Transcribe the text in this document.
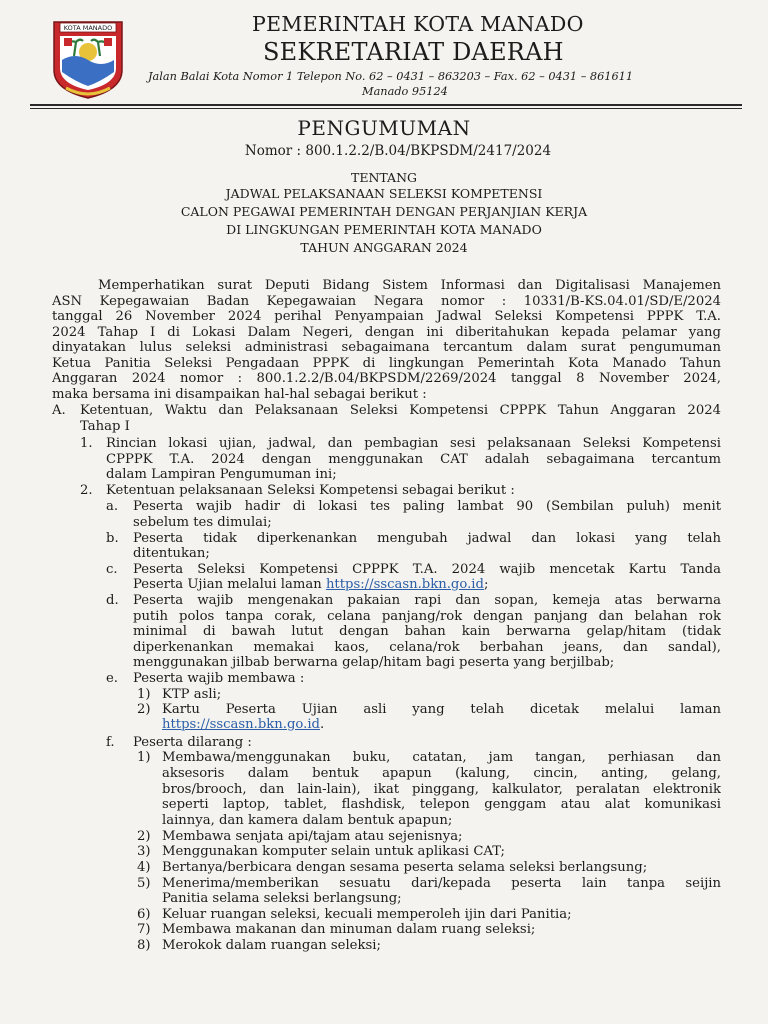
KOTA MANADO	PEMERINTAH KOTA MANADO
SEKRETARIAT DAERAH
Jalan Balai Kota Nomor 1 Telepon No. 62 – 0431 – 863203 – Fax. 62 – 0431 – 861611
Manado 95124
PENGUMUMAN
Nomor : 800.1.2.2/B.04/BKPSDM/2417/2024
TENTANG
JADWAL PELAKSANAAN SELEKSI KOMPETENSI
CALON PEGAWAI PEMERINTAH DENGAN PERJANJIAN KERJA
DI LINGKUNGAN PEMERINTAH KOTA MANADO
TAHUN ANGGARAN 2024
Memperhatikan surat Deputi Bidang Sistem Informasi dan Digitalisasi Manajemen
ASN Kepegawaian Badan Kepegawaian Negara nomor : 10331/B-KS.04.01/SD/E/2024
tanggal 26 November 2024 perihal Penyampaian Jadwal Seleksi Kompetensi PPPK T.A.
2024 Tahap I di Lokasi Dalam Negeri, dengan ini diberitahukan kepada pelamar yang
dinyatakan lulus seleksi administrasi sebagaimana tercantum dalam surat pengumuman
Ketua Panitia Seleksi Pengadaan PPPK di lingkungan Pemerintah Kota Manado Tahun
Anggaran 2024 nomor : 800.1.2.2/B.04/BKPSDM/2269/2024 tanggal 8 November 2024,
maka bersama ini disampaikan hal-hal sebagai berikut :
A. Ketentuan, Waktu dan Pelaksanaan Seleksi Kompetensi CPPPK Tahun Anggaran 2024
Tahap I
1. Rincian lokasi ujian, jadwal, dan pembagian sesi pelaksanaan Seleksi Kompetensi
CPPPK T.A. 2024 dengan menggunakan CAT adalah sebagaimana tercantum
dalam Lampiran Pengumuman ini;
2. Ketentuan pelaksanaan Seleksi Kompetensi sebagai berikut :
a. Peserta wajib hadir di lokasi tes paling lambat 90 (Sembilan puluh) menit
sebelum tes dimulai;
b. Peserta tidak diperkenankan mengubah jadwal dan lokasi yang telah
ditentukan;
c. Peserta Seleksi Kompetensi CPPPK T.A. 2024 wajib mencetak Kartu Tanda
Peserta Ujian melalui laman https://sscasn.bkn.go.id;
d. Peserta wajib mengenakan pakaian rapi dan sopan, kemeja atas berwarna
putih polos tanpa corak, celana panjang/rok dengan panjang dan belahan rok
minimal di bawah lutut dengan bahan kain berwarna gelap/hitam (tidak
diperkenankan memakai kaos, celana/rok berbahan jeans, dan sandal),
menggunakan jilbab berwarna gelap/hitam bagi peserta yang berjilbab;
e. Peserta wajib membawa :
1) KTP asli;
2) Kartu Peserta Ujian asli yang telah dicetak melalui laman
https://sscasn.bkn.go.id.
f. Peserta dilarang :
1) Membawa/menggunakan buku, catatan, jam tangan, perhiasan dan
aksesoris dalam bentuk apapun (kalung, cincin, anting, gelang,
bros/brooch, dan lain-lain), ikat pinggang, kalkulator, peralatan elektronik
seperti laptop, tablet, flashdisk, telepon genggam atau alat komunikasi
lainnya, dan kamera dalam bentuk apapun;
2) Membawa senjata api/tajam atau sejenisnya;
3) Menggunakan komputer selain untuk aplikasi CAT;
4) Bertanya/berbicara dengan sesama peserta selama seleksi berlangsung;
5) Menerima/memberikan sesuatu dari/kepada peserta lain tanpa seijin
Panitia selama seleksi berlangsung;
6) Keluar ruangan seleksi, kecuali memperoleh ijin dari Panitia;
7) Membawa makanan dan minuman dalam ruang seleksi;
8) Merokok dalam ruangan seleksi;
